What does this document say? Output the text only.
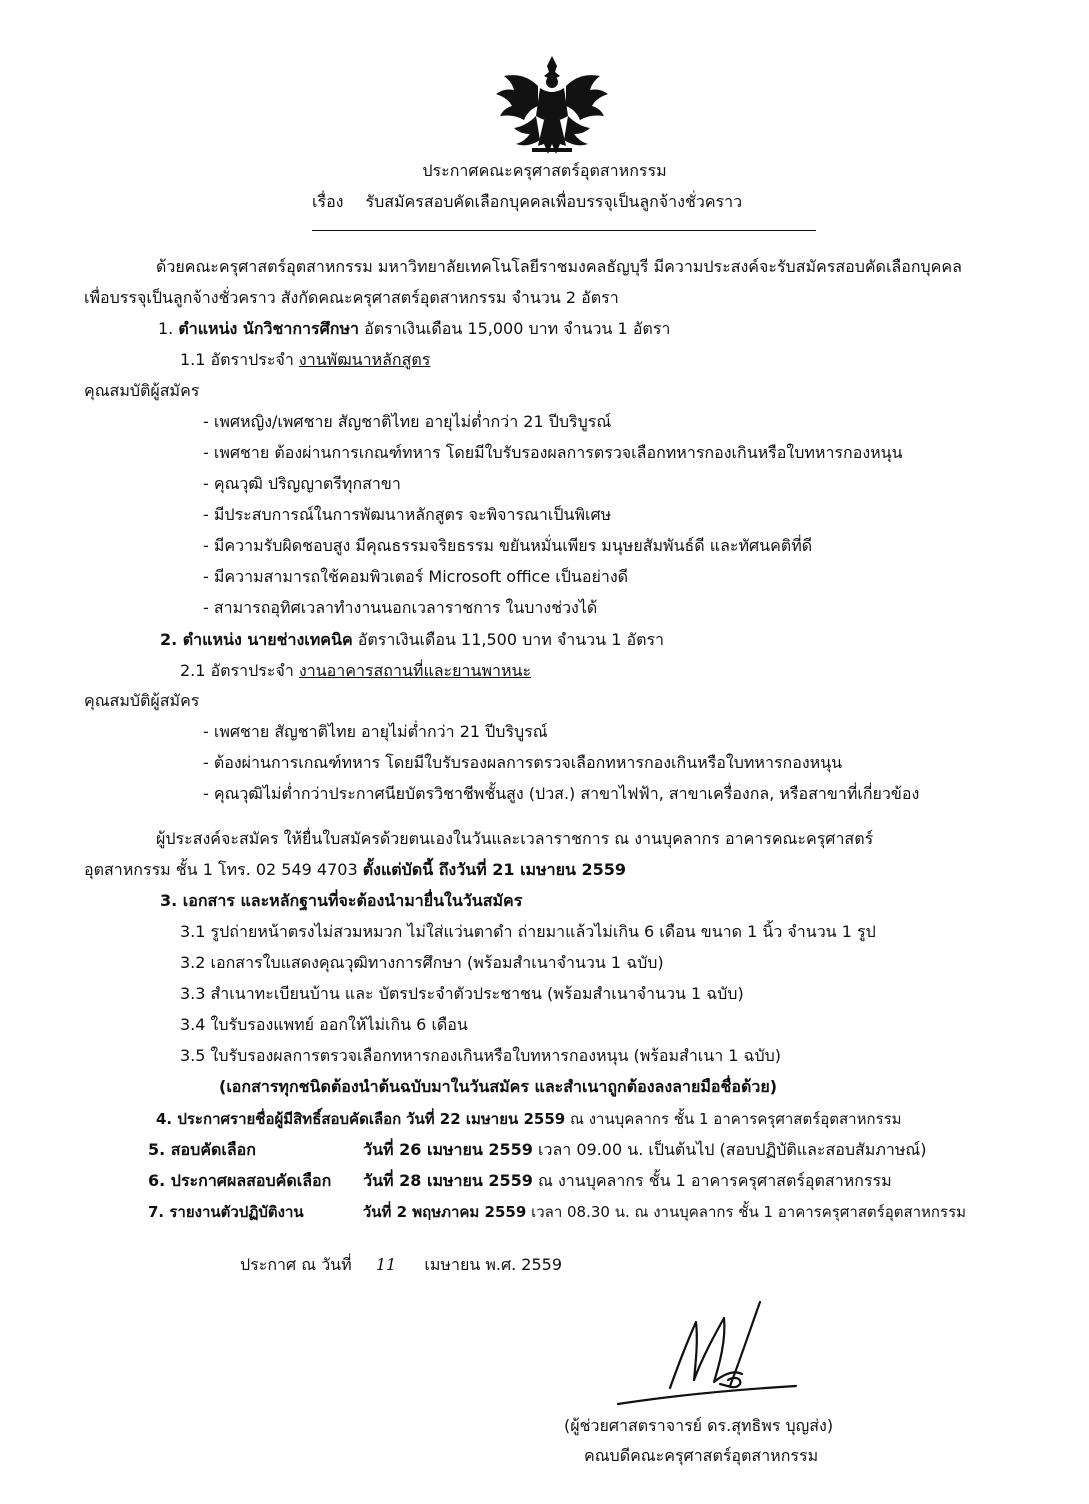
ประกาศคณะครุศาสตร์อุตสาหกรรม
เรื่อง รับสมัครสอบคัดเลือกบุคคลเพื่อบรรจุเป็นลูกจ้างชั่วคราว
ด้วยคณะครุศาสตร์อุตสาหกรรม มหาวิทยาลัยเทคโนโลยีราชมงคลธัญบุรี มีความประสงค์จะรับสมัครสอบคัดเลือกบุคคล
เพื่อบรรจุเป็นลูกจ้างชั่วคราว สังกัดคณะครุศาสตร์อุตสาหกรรม จำนวน 2 อัตรา
1. ตำแหน่ง นักวิชาการศึกษา อัตราเงินเดือน 15,000 บาท จำนวน 1 อัตรา
1.1 อัตราประจำ งานพัฒนาหลักสูตร
คุณสมบัติผู้สมัคร
- เพศหญิง/เพศชาย สัญชาติไทย อายุไม่ต่ำกว่า 21 ปีบริบูรณ์
- เพศชาย ต้องผ่านการเกณฑ์ทหาร โดยมีใบรับรองผลการตรวจเลือกทหารกองเกินหรือใบทหารกองหนุน
- คุณวุฒิ ปริญญาตรีทุกสาขา
- มีประสบการณ์ในการพัฒนาหลักสูตร จะพิจารณาเป็นพิเศษ
- มีความรับผิดชอบสูง มีคุณธรรมจริยธรรม ขยันหมั่นเพียร มนุษยสัมพันธ์ดี และทัศนคติที่ดี
- มีความสามารถใช้คอมพิวเตอร์ Microsoft office เป็นอย่างดี
- สามารถอุทิศเวลาทำงานนอกเวลาราชการ ในบางช่วงได้
2. ตำแหน่ง นายช่างเทคนิค อัตราเงินเดือน 11,500 บาท จำนวน 1 อัตรา
2.1 อัตราประจำ งานอาคารสถานที่และยานพาหนะ
คุณสมบัติผู้สมัคร
- เพศชาย สัญชาติไทย อายุไม่ต่ำกว่า 21 ปีบริบูรณ์
- ต้องผ่านการเกณฑ์ทหาร โดยมีใบรับรองผลการตรวจเลือกทหารกองเกินหรือใบทหารกองหนุน
- คุณวุฒิไม่ต่ำกว่าประกาศนียบัตรวิชาชีพชั้นสูง (ปวส.) สาขาไฟฟ้า, สาขาเครื่องกล, หรือสาขาที่เกี่ยวข้อง
ผู้ประสงค์จะสมัคร ให้ยื่นใบสมัครด้วยตนเองในวันและเวลาราชการ ณ งานบุคลากร อาคารคณะครุศาสตร์
อุตสาหกรรม ชั้น 1 โทร. 02 549 4703 ตั้งแต่บัดนี้ ถึงวันที่ 21 เมษายน 2559
3. เอกสาร และหลักฐานที่จะต้องนำมายื่นในวันสมัคร
3.1 รูปถ่ายหน้าตรงไม่สวมหมวก ไม่ใส่แว่นตาดำ ถ่ายมาแล้วไม่เกิน 6 เดือน ขนาด 1 นิ้ว จำนวน 1 รูป
3.2 เอกสารใบแสดงคุณวุฒิทางการศึกษา (พร้อมสำเนาจำนวน 1 ฉบับ)
3.3 สำเนาทะเบียนบ้าน และ บัตรประจำตัวประชาชน (พร้อมสำเนาจำนวน 1 ฉบับ)
3.4 ใบรับรองแพทย์ ออกให้ไม่เกิน 6 เดือน
3.5 ใบรับรองผลการตรวจเลือกทหารกองเกินหรือใบทหารกองหนุน (พร้อมสำเนา 1 ฉบับ)
(เอกสารทุกชนิดต้องนำต้นฉบับมาในวันสมัคร และสำเนาถูกต้องลงลายมือชื่อด้วย)
4. ประกาศรายชื่อผู้มีสิทธิ์สอบคัดเลือก วันที่ 22 เมษายน 2559 ณ งานบุคลากร ชั้น 1 อาคารครุศาสตร์อุตสาหกรรม
5. สอบคัดเลือก	วันที่ 26 เมษายน 2559 เวลา 09.00 น. เป็นต้นไป (สอบปฏิบัติและสอบสัมภาษณ์)
6. ประกาศผลสอบคัดเลือก วันที่ 28 เมษายน 2559 ณ งานบุคลากร ชั้น 1 อาคารครุศาสตร์อุตสาหกรรม
7. รายงานตัวปฏิบัติงาน	วันที่ 2 พฤษภาคม 2559 เวลา 08.30 น. ณ งานบุคลากร ชั้น 1 อาคารครุศาสตร์อุตสาหกรรม
ประกาศ ณ วันที่ 11 เมษายน พ.ศ. 2559
(ผู้ช่วยศาสตราจารย์ ดร.สุทธิพร บุญส่ง)
คณบดีคณะครุศาสตร์อุตสาหกรรม
